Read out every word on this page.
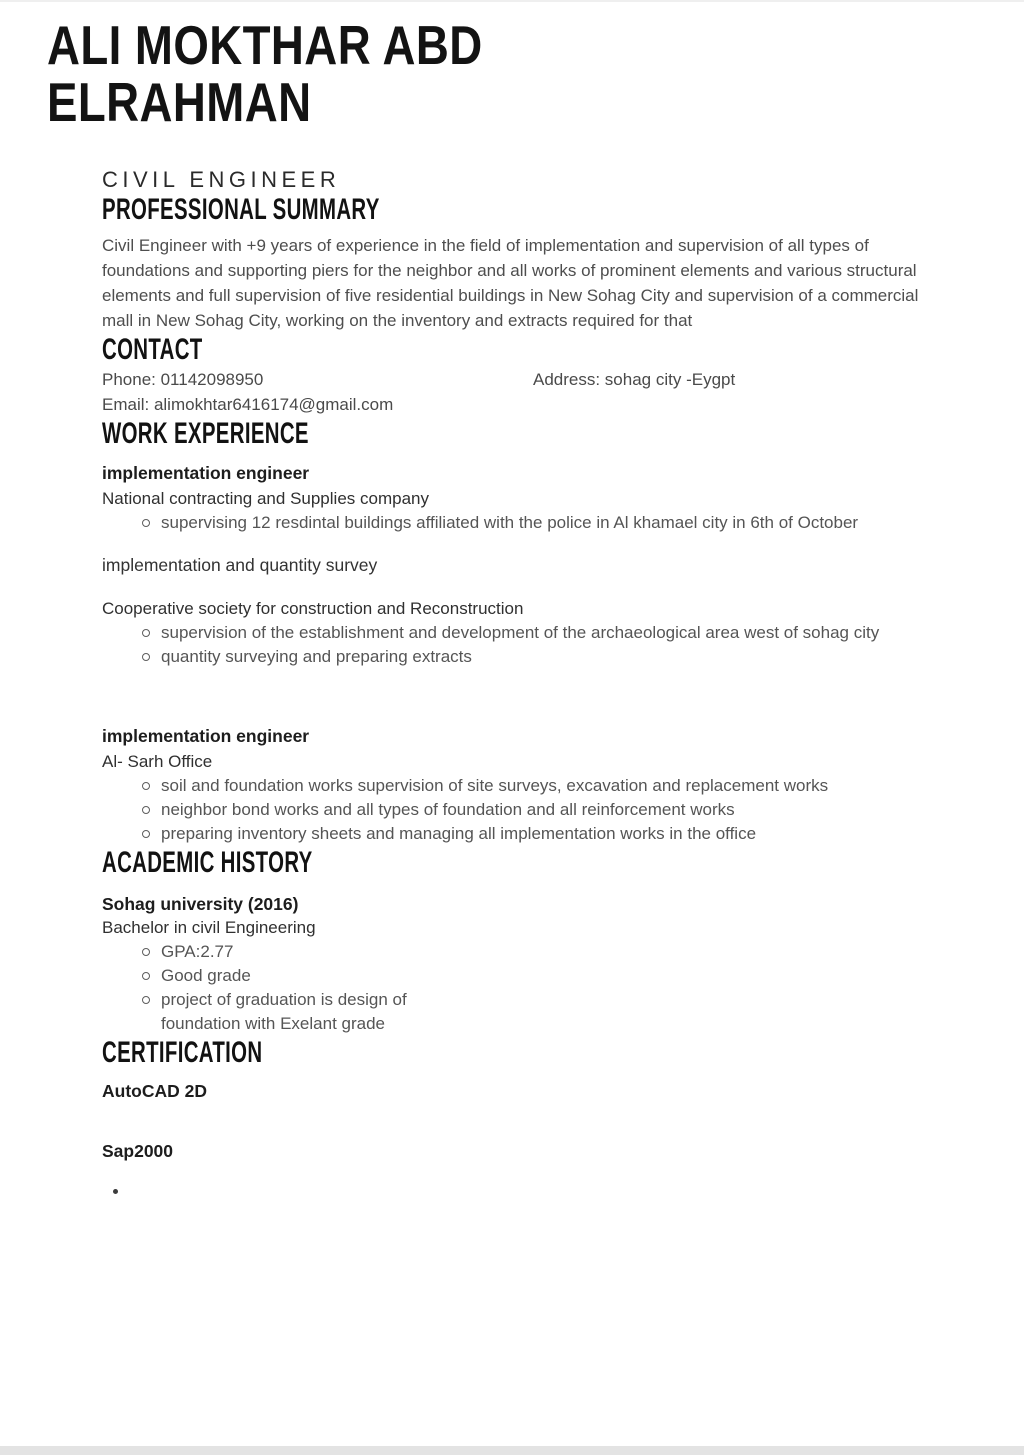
ALI MOKTHAR ABD
ELRAHMAN
CIVIL ENGINEER
PROFESSIONAL SUMMARY

Civil Engineer with +9 years of experience in the field of implementation and supervision of all types of foundations and supporting piers for the neighbor and all works of prominent elements and various structural elements and full supervision of five residential buildings in New Sohag City and supervision of a commercial mall in New Sohag City, working on the inventory and extracts required for that

CONTACT
Phone: 01142098950	Address: sohag city -Eygpt
Email: alimokhtar6416174@gmail.com
WORK EXPERIENCE
implementation engineer
National contracting and Supplies company
supervising 12 resdintal buildings affiliated with the police in Al khamael city in 6th of October
implementation and quantity survey
Cooperative society for construction and Reconstruction
supervision of the establishment and development of the archaeological area west of sohag city
quantity surveying and preparing extracts
implementation engineer
Al- Sarh Office
soil and foundation works supervision of site surveys, excavation and replacement works
neighbor bond works and all types of foundation and all reinforcement works
preparing inventory sheets and managing all implementation works in the office
ACADEMIC HISTORY
Sohag university (2016)
Bachelor in civil Engineering
GPA:2.77
Good grade
project of graduation is design of foundation with Exelant grade
CERTIFICATION
AutoCAD 2D
Sap2000
